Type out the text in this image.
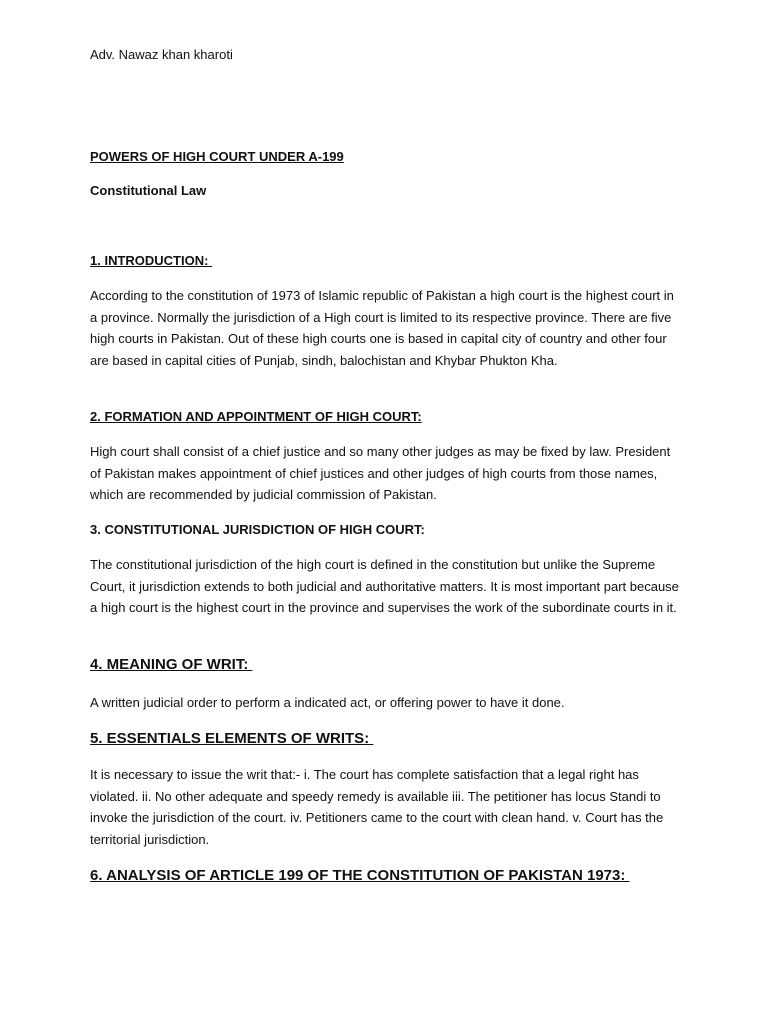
Adv. Nawaz khan kharoti

POWERS OF HIGH COURT UNDER A-199

Constitutional Law

1. INTRODUCTION:

According to the constitution of 1973 of Islamic republic of Pakistan a high court is the highest court in a province. Normally the jurisdiction of a High court is limited to its respective province. There are five high courts in Pakistan. Out of these high courts one is based in capital city of country and other four are based in capital cities of Punjab, sindh, balochistan and Khybar Phukton Kha.

2. FORMATION AND APPOINTMENT OF HIGH COURT:

High court shall consist of a chief justice and so many other judges as may be fixed by law. President of Pakistan makes appointment of chief justices and other judges of high courts from those names, which are recommended by judicial commission of Pakistan.

3. CONSTITUTIONAL JURISDICTION OF HIGH COURT:

The constitutional jurisdiction of the high court is defined in the constitution but unlike the Supreme Court, it jurisdiction extends to both judicial and authoritative matters. It is most important part because a high court is the highest court in the province and supervises the work of the subordinate courts in it.

4. MEANING OF WRIT:

A written judicial order to perform a indicated act, or offering power to have it done.

5. ESSENTIALS ELEMENTS OF WRITS:

It is necessary to issue the writ that:- i. The court has complete satisfaction that a legal right has violated. ii. No other adequate and speedy remedy is available iii. The petitioner has locus Standi to invoke the jurisdiction of the court. iv. Petitioners came to the court with clean hand. v. Court has the territorial jurisdiction.

6. ANALYSIS OF ARTICLE 199 OF THE CONSTITUTION OF PAKISTAN 1973:
